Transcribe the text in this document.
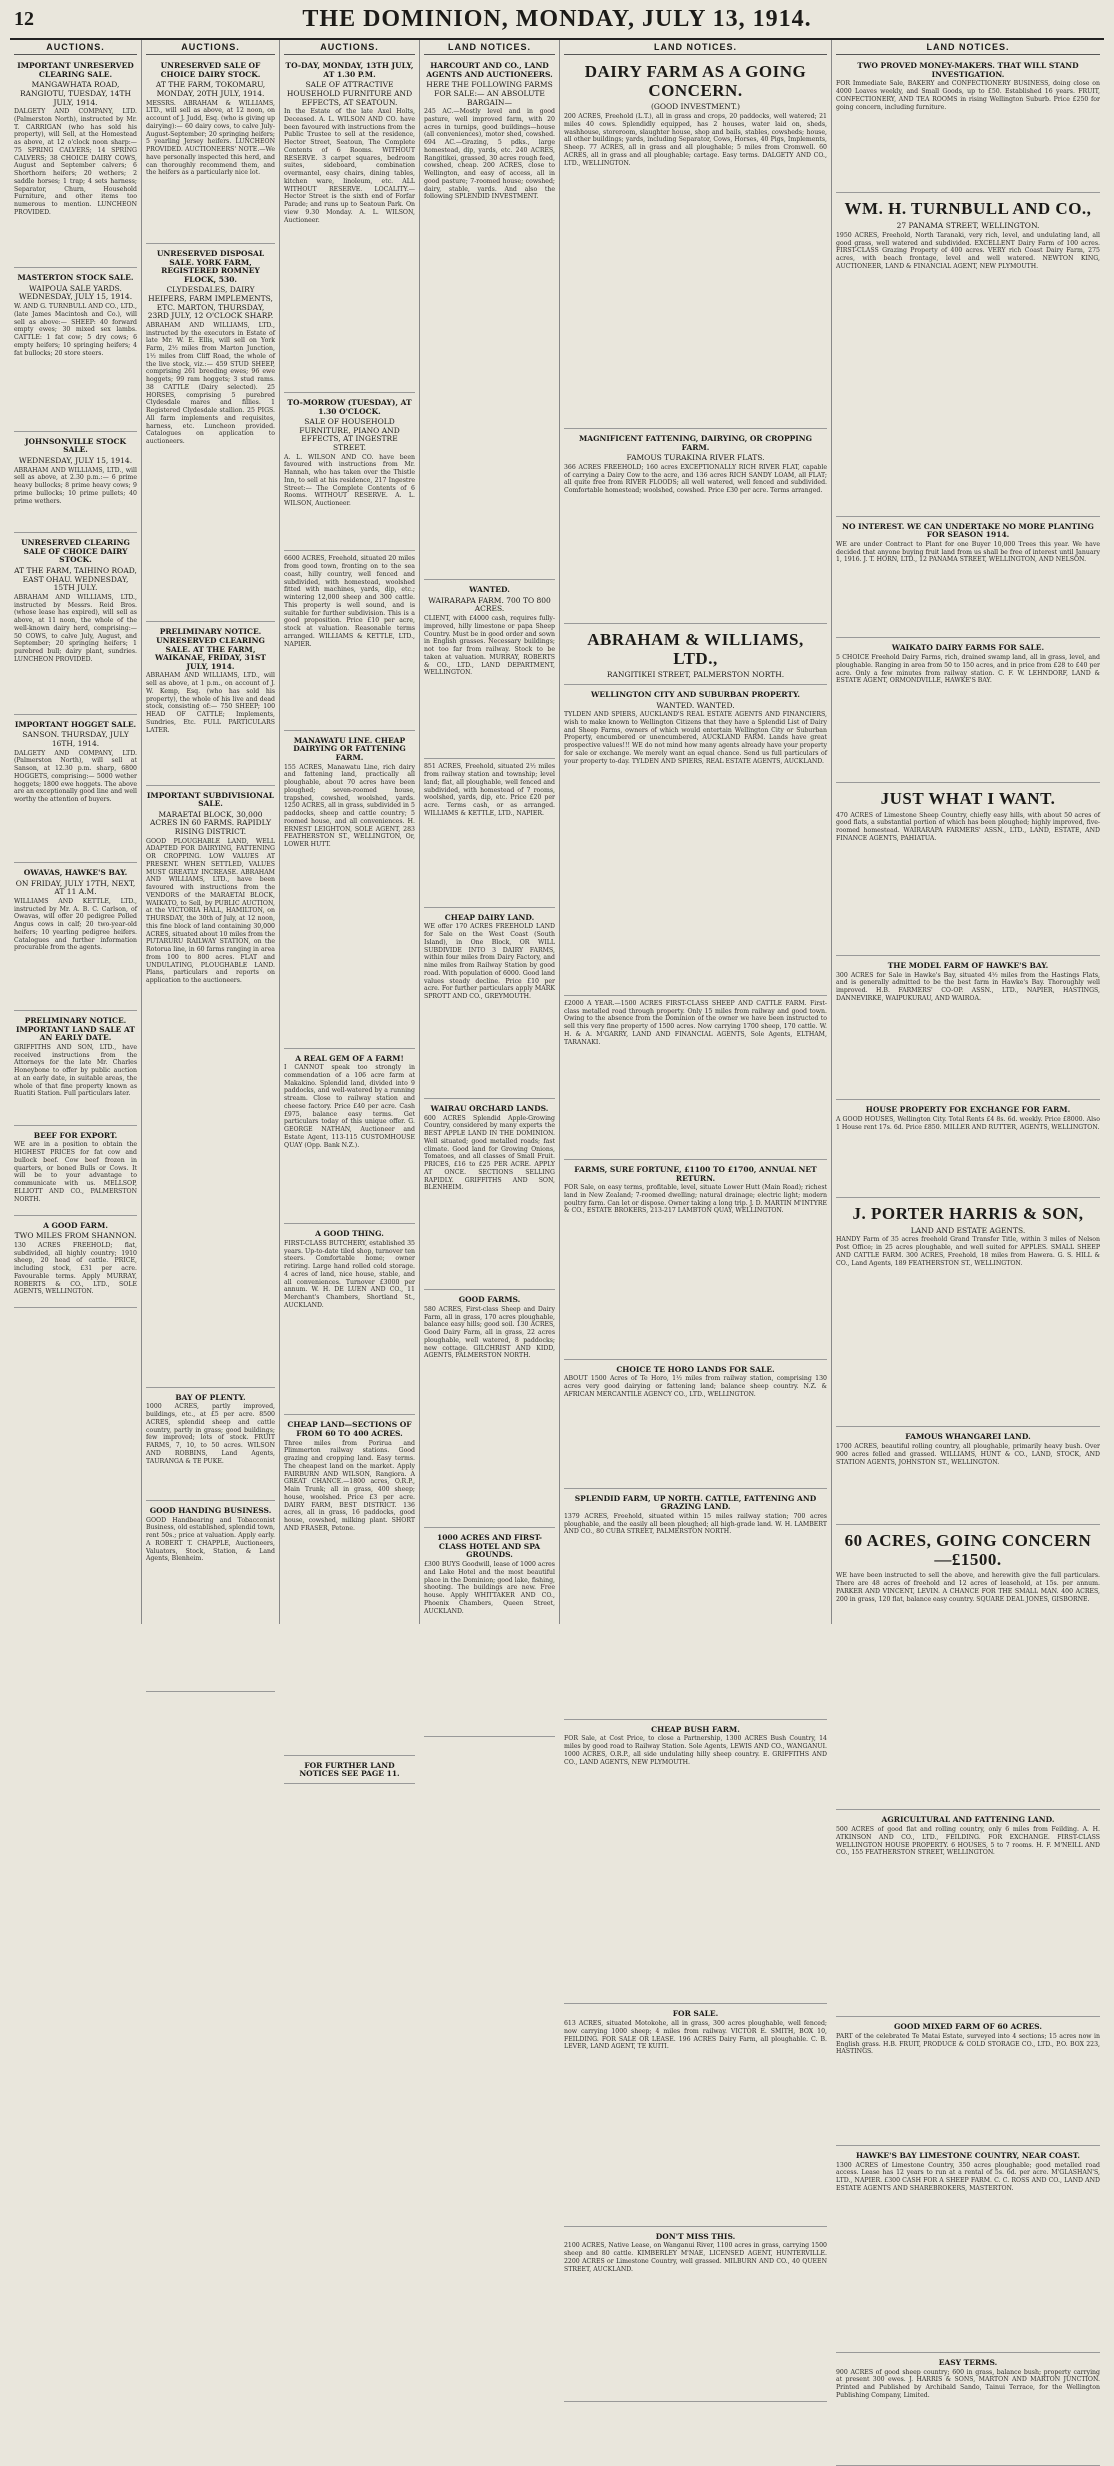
12	THE DOMINION, MONDAY, JULY 13, 1914.
AUCTIONS.
IMPORTANT UNRESERVED CLEARING SALE.
MANGAWHATA ROAD, RANGIOTU, TUESDAY, 14TH JULY, 1914.
DALGETY AND COMPANY, LTD. (Palmerston North), instructed by Mr. T. CARRIGAN (who has sold his property), will Sell, at the Homestead as above, at 12 o'clock noon sharp:— 75 SPRING CALVERS; 14 SPRING CALVERS; 38 CHOICE DAIRY COWS, August and September calvers; 6 Shorthorn heifers; 20 wethers; 2 saddle horses; 1 trap; 4 sets harness; Separator, Churn, Household Furniture, and other items too numerous to mention. LUNCHEON PROVIDED.
MASTERTON STOCK SALE.
WAIPOUA SALE YARDS. WEDNESDAY, JULY 15, 1914.
W. AND G. TURNBULL AND CO., LTD., (late James Macintosh and Co.), will sell as above:— SHEEP: 40 forward empty ewes; 30 mixed sex lambs. CATTLE: 1 fat cow; 5 dry cows; 6 empty heifers; 10 springing heifers; 4 fat bullocks; 20 store steers.
JOHNSONVILLE STOCK SALE.
WEDNESDAY, JULY 15, 1914.
ABRAHAM AND WILLIAMS, LTD., will sell as above, at 2.30 p.m.:— 6 prime heavy bullocks; 8 prime heavy cows; 9 prime bullocks; 10 prime pullets; 40 prime wethers.
UNRESERVED CLEARING SALE OF CHOICE DAIRY STOCK.
AT THE FARM, TAIHINO ROAD, EAST OHAU. WEDNESDAY, 15TH JULY.
ABRAHAM AND WILLIAMS, LTD., instructed by Messrs. Reid Bros. (whose lease has expired), will sell as above, at 11 noon, the whole of the well-known dairy herd, comprising:— 50 COWS, to calve July, August, and September; 20 springing heifers; 1 purebred bull; dairy plant, sundries. LUNCHEON PROVIDED.
IMPORTANT HOGGET SALE.
SANSON. THURSDAY, JULY 16TH, 1914.
DALGETY AND COMPANY, LTD. (Palmerston North), will sell at Sanson, at 12.30 p.m. sharp, 6800 HOGGETS, comprising:— 5000 wether hoggets; 1800 ewe hoggets. The above are an exceptionally good line and well worthy the attention of buyers.
OWAVAS, HAWKE'S BAY.
ON FRIDAY, JULY 17TH, NEXT, AT 11 A.M.
WILLIAMS AND KETTLE, LTD., instructed by Mr. A. B. C. Carlson, of Owavas, will offer 20 pedigree Polled Angus cows in calf; 20 two-year-old heifers; 10 yearling pedigree heifers. Catalogues and further information procurable from the agents.
PRELIMINARY NOTICE. IMPORTANT LAND SALE AT AN EARLY DATE.
GRIFFITHS AND SON, LTD., have received instructions from the Attorneys for the late Mr. Charles Honeybone to offer by public auction at an early date, in suitable areas, the whole of that fine property known as Ruatiti Station. Full particulars later.
BEEF FOR EXPORT.
WE are in a position to obtain the HIGHEST PRICES for fat cow and bullock beef. Cow beef frozen in quarters, or boned Bulls or Cows. It will be to your advantage to communicate with us. MELLSOP, ELLIOTT AND CO., PALMERSTON NORTH.
A GOOD FARM.
TWO MILES FROM SHANNON.
130 ACRES FREEHOLD; flat, subdivided, all highly country; 1910 sheep, 20 head of cattle. PRICE, including stock, £31 per acre. Favourable terms. Apply MURRAY, ROBERTS & CO., LTD., SOLE AGENTS, WELLINGTON.
AUCTIONS.
UNRESERVED SALE OF CHOICE DAIRY STOCK.
AT THE FARM, TOKOMARU, MONDAY, 20TH JULY, 1914.
MESSRS. ABRAHAM & WILLIAMS, LTD., will sell as above, at 12 noon, on account of J. Judd, Esq. (who is giving up dairying):— 60 dairy cows, to calve July-August-September; 20 springing heifers; 5 yearling Jersey heifers. LUNCHEON PROVIDED. AUCTIONEERS' NOTE.—We have personally inspected this herd, and can thoroughly recommend them, and the heifers as a particularly nice lot.
UNRESERVED DISPOSAL SALE. YORK FARM, REGISTERED ROMNEY FLOCK, 530.
CLYDESDALES, DAIRY HEIFERS, FARM IMPLEMENTS, ETC. MARTON, THURSDAY, 23RD JULY, 12 O'CLOCK SHARP.
ABRAHAM AND WILLIAMS, LTD., instructed by the executors in Estate of late Mr. W. E. Ellis, will sell on York Farm, 2½ miles from Marton Junction, 1½ miles from Cliff Road, the whole of the live stock, viz.:— 459 STUD SHEEP, comprising 261 breeding ewes; 96 ewe hoggets; 99 ram hoggets; 3 stud rams. 38 CATTLE (Dairy selected). 25 HORSES, comprising 5 purebred Clydesdale mares and fillies. 1 Registered Clydesdale stallion. 25 PIGS. All farm implements and requisites, harness, etc. Luncheon provided. Catalogues on application to auctioneers.
PRELIMINARY NOTICE. UNRESERVED CLEARING SALE. AT THE FARM, WAIKANAE, FRIDAY, 31ST JULY, 1914.
ABRAHAM AND WILLIAMS, LTD., will sell as above, at 1 p.m., on account of J. W. Kemp, Esq. (who has sold his property), the whole of his live and dead stock, consisting of:— 750 SHEEP; 100 HEAD OF CATTLE; Implements, Sundries, Etc. FULL PARTICULARS LATER.
IMPORTANT SUBDIVISIONAL SALE.
MARAETAI BLOCK, 30,000 ACRES IN 60 FARMS. RAPIDLY RISING DISTRICT.
GOOD PLOUGHABLE LAND, WELL ADAPTED FOR DAIRYING, FATTENING OR CROPPING. LOW VALUES AT PRESENT. WHEN SETTLED, VALUES MUST GREATLY INCREASE. ABRAHAM AND WILLIAMS, LTD., have been favoured with instructions from the VENDORS of the MARAETAI BLOCK, WAIKATO, to Sell, by PUBLIC AUCTION, at the VICTORIA HALL, HAMILTON, on THURSDAY, the 30th of July, at 12 noon, this fine block of land containing 30,000 ACRES, situated about 10 miles from the PUTARURU RAILWAY STATION, on the Rotorua line, in 60 farms ranging in area from 100 to 800 acres. FLAT and UNDULATING, PLOUGHABLE LAND. Plans, particulars and reports on application to the auctioneers.
BAY OF PLENTY.
1000 ACRES, partly improved, buildings, etc., at £5 per acre. 8500 ACRES, splendid sheep and cattle country, partly in grass; good buildings; few improved; lots of stock. FRUIT FARMS, 7, 10, to 50 acres. WILSON AND ROBBINS, Land Agents, TAURANGA & TE PUKE.
GOOD HANDING BUSINESS.
GOOD Handbearing and Tobacconist Business, old established, splendid town, rent 50s.; price at valuation. Apply early. A ROBERT T. CHAPPLE, Auctioneers, Valuators, Stock, Station, & Land Agents, Blenheim.
AUCTIONS.
TO-DAY, MONDAY, 13TH JULY, AT 1.30 P.M.
SALE OF ATTRACTIVE HOUSEHOLD FURNITURE AND EFFECTS, AT SEATOUN.
In the Estate of the late Axel Holts, Deceased. A. L. WILSON AND CO. have been favoured with instructions from the Public Trustee to sell at the residence, Hector Street, Seatoun, The Complete Contents of 6 Rooms. WITHOUT RESERVE. 3 carpet squares, bedroom suites, sideboard, combination overmantel, easy chairs, dining tables, kitchen ware, linoleum, etc. ALL WITHOUT RESERVE. LOCALITY.—Hector Street is the sixth end of Forfar Parade; and runs up to Seatoun Park. On view 9.30 Monday. A. L. WILSON, Auctioneer.
TO-MORROW (TUESDAY), AT 1.30 O'CLOCK.
SALE OF HOUSEHOLD FURNITURE, PIANO AND EFFECTS, AT INGESTRE STREET.
A. L. WILSON AND CO. have been favoured with instructions from Mr. Hannah, who has taken over the Thistle Inn, to sell at his residence, 217 Ingestre Street:— The Complete Contents of 6 Rooms. WITHOUT RESERVE. A. L. WILSON, Auctioneer.
6600 ACRES, Freehold, situated 20 miles from good town, fronting on to the sea coast, hilly country, well fenced and subdivided, with homestead, woolshed fitted with machines, yards, dip, etc.; wintering 12,000 sheep and 300 cattle. This property is well sound, and is suitable for further subdivision. This is a good proposition. Price £10 per acre, stock at valuation. Reasonable terms arranged. WILLIAMS & KETTLE, LTD., NAPIER.
MANAWATU LINE. CHEAP DAIRYING OR FATTENING FARM.
155 ACRES, Manawatu Line, rich dairy and fattening land, practically all ploughable, about 70 acres have been ploughed; seven-roomed house, trapshed, cowshed, woolshed, yards. 1250 ACRES, all in grass, subdivided in 5 paddocks, sheep and cattle country; 5 roomed house, and all conveniences. H. ERNEST LEIGHTON, SOLE AGENT, 283 FEATHERSTON ST., WELLINGTON, Or, LOWER HUTT.
A REAL GEM OF A FARM!
I CANNOT speak too strongly in commendation of a 106 acre farm at Makakino. Splendid land, divided into 9 paddocks, and well-watered by a running stream. Close to railway station and cheese factory. Price £40 per acre. Cash £975, balance easy terms. Get particulars today of this unique offer. G. GEORGE NATHAN, Auctioneer and Estate Agent, 113-115 CUSTOMHOUSE QUAY (Opp. Bank N.Z.).
A GOOD THING.
FIRST-CLASS BUTCHERY, established 35 years. Up-to-date tiled shop, turnover ten steers. Comfortable home; owner retiring. Large hand rolled cold storage. 4 acres of land, nice house, stable, and all conveniences. Turnover £3000 per annum. W. H. DE LUEN AND CO., 11 Merchant's Chambers, Shortland St., AUCKLAND.
CHEAP LAND—SECTIONS OF FROM 60 TO 400 ACRES.
Three miles from Porirua and Plimmerton railway stations. Good grazing and cropping land. Easy terms. The cheapest land on the market. Apply FAIRBURN AND WILSON, Rangiora. A GREAT CHANCE.—1800 acres, O.R.P., Main Trunk; all in grass, 400 sheep; house, woolshed. Price £3 per acre. DAIRY FARM, BEST DISTRICT. 136 acres, all in grass, 16 paddocks, good house, cowshed, milking plant. SHORT AND FRASER, Petone.
FOR FURTHER LAND NOTICES SEE PAGE 11.
LAND NOTICES.
HARCOURT AND CO., LAND AGENTS AND AUCTIONEERS.
HERE THE FOLLOWING FARMS FOR SALE:— AN ABSOLUTE BARGAIN—
245 AC.—Mostly level and in good pasture, well improved farm, with 20 acres in turnips, good buildings—house (all conveniences), motor shed, cowshed. 694 AC.—Grazing, 5 pdks., large homestead, dip, yards, etc. 240 ACRES, Rangitikei, grassed, 30 acres rough feed, cowshed, cheap. 200 ACRES, close to Wellington, and easy of access, all in good pasture; 7-roomed house; cowshed; dairy, stable, yards. And also the following SPLENDID INVESTMENT.
WANTED.
WAIRARAPA FARM. 700 TO 800 ACRES.
CLIENT, with £4000 cash, requires fully-improved, hilly limestone or papa Sheep Country. Must be in good order and sown in English grasses. Necessary buildings; not too far from railway. Stock to be taken at valuation. MURRAY, ROBERTS & CO., LTD., LAND DEPARTMENT, WELLINGTON.
851 ACRES, Freehold, situated 2½ miles from railway station and township; level land; flat, all ploughable, well fenced and subdivided, with homestead of 7 rooms, woolshed, yards, dip, etc. Price £20 per acre. Terms cash, or as arranged. WILLIAMS & KETTLE, LTD., NAPIER.
CHEAP DAIRY LAND.
WE offer 170 ACRES FREEHOLD LAND for Sale on the West Coast (South Island), in One Block, OR WILL SUBDIVIDE INTO 3 DAIRY FARMS, within four miles from Dairy Factory, and nine miles from Railway Station by good road. With population of 6000. Good land values steady decline. Price £10 per acre. For further particulars apply MARK SPROTT AND CO., GREYMOUTH.
WAIRAU ORCHARD LANDS.
600 ACRES Splendid Apple-Growing Country, considered by many experts the BEST APPLE LAND IN THE DOMINION. Well situated; good metalled roads; fast climate. Good land for Growing Onions, Tomatoes, and all classes of Small Fruit. PRICES, £16 to £25 PER ACRE. APPLY AT ONCE. SECTIONS SELLING RAPIDLY. GRIFFITHS AND SON, BLENHEIM.
GOOD FARMS.
580 ACRES, First-class Sheep and Dairy Farm, all in grass, 170 acres ploughable, balance easy hills; good soil. 130 ACRES, Good Dairy Farm, all in grass, 22 acres ploughable, well watered, 8 paddocks; new cottage. GILCHRIST AND KIDD, AGENTS, PALMERSTON NORTH.
1000 ACRES AND FIRST-CLASS HOTEL AND SPA GROUNDS.
£300 BUYS Goodwill, lease of 1000 acres and Lake Hotel and the most beautiful place in the Dominion; good lake, fishing, shooting. The buildings are new. Free house. Apply WHITTAKER AND CO., Phoenix Chambers, Queen Street, AUCKLAND.
LAND NOTICES.
DAIRY FARM AS A GOING CONCERN.
(GOOD INVESTMENT.)
200 ACRES, Freehold (L.T.), all in grass and crops, 20 paddocks, well watered; 21 miles 40 cows. Splendidly equipped, has 2 houses, water laid on, sheds, washhouse, storeroom, slaughter house, shop and bails, stables, cowsheds; house, all other buildings; yards, including Separator, Cows, Horses, 40 Pigs, Implements, Sheep. 77 ACRES, all in grass and all ploughable; 5 miles from Cromwell. 60 ACRES, all in grass and all ploughable; cartage. Easy terms. DALGETY AND CO., LTD., WELLINGTON.
MAGNIFICENT FATTENING, DAIRYING, OR CROPPING FARM.
FAMOUS TURAKINA RIVER FLATS.
366 ACRES FREEHOLD; 160 acres EXCEPTIONALLY RICH RIVER FLAT, capable of carrying a Dairy Cow to the acre, and 136 acres RICH SANDY LOAM, all FLAT; all quite free from RIVER FLOODS; all well watered, well fenced and subdivided. Comfortable homestead; woolshed, cowshed. Price £30 per acre. Terms arranged.
ABRAHAM & WILLIAMS, LTD.,
RANGITIKEI STREET, PALMERSTON NORTH.
WELLINGTON CITY AND SUBURBAN PROPERTY.
WANTED. WANTED.
TYLDEN AND SPIERS, AUCKLAND'S REAL ESTATE AGENTS AND FINANCIERS, wish to make known to Wellington Citizens that they have a Splendid List of Dairy and Sheep Farms, owners of which would entertain Wellington City or Suburban Property, encumbered or unencumbered, AUCKLAND FARM. Lands have great prospective values!!! WE do not mind how many agents already have your property for sale or exchange. We merely want an equal chance. Send us full particulars of your property to-day. TYLDEN AND SPIERS, REAL ESTATE AGENTS, AUCKLAND.
£2000 A YEAR.—1500 ACRES FIRST-CLASS SHEEP AND CATTLE FARM. First-class metalled road through property. Only 15 miles from railway and good town. Owing to the absence from the Dominion of the owner we have been instructed to sell this very fine property of 1500 acres. Now carrying 1700 sheep, 170 cattle. W. H. & A. M'GARRY, LAND AND FINANCIAL AGENTS, Sole Agents, ELTHAM, TARANAKI.
FARMS, SURE FORTUNE, £1100 TO £1700, ANNUAL NET RETURN.
FOR Sale, on easy terms, profitable, level, situate Lower Hutt (Main Road); richest land in New Zealand; 7-roomed dwelling; natural drainage; electric light; modern poultry farm. Can let or dispose. Owner taking a long trip. J. D. MARTIN M'INTYRE & CO., ESTATE BROKERS, 213-217 LAMBTON QUAY, WELLINGTON.
CHOICE TE HORO LANDS FOR SALE.
ABOUT 1500 Acres of Te Horo, 1½ miles from railway station, comprising 130 acres very good dairying or fattening land; balance sheep country. N.Z. & AFRICAN MERCANTILE AGENCY CO., LTD., WELLINGTON.
SPLENDID FARM, UP NORTH. CATTLE, FATTENING AND GRAZING LAND.
1379 ACRES, Freehold, situated within 15 miles railway station; 700 acres ploughable, and the easily all been ploughed; all high-grade land. W. H. LAMBERT AND CO., 80 CUBA STREET, PALMERSTON NORTH.
CHEAP BUSH FARM.
FOR Sale, at Cost Price, to close a Partnership, 1300 ACRES Bush Country, 14 miles by good road to Railway Station. Sole Agents, LEWIS AND CO., WANGANUI. 1000 ACRES, O.R.P., all side undulating hilly sheep country. E. GRIFFITHS AND CO., LAND AGENTS, NEW PLYMOUTH.
FOR SALE.
613 ACRES, situated Motokohe, all in grass, 300 acres ploughable, well fenced; now carrying 1000 sheep; 4 miles from railway. VICTOR E. SMITH, BOX 10, FEILDING. FOR SALE OR LEASE. 196 ACRES Dairy Farm, all ploughable. C. B. LEVER, LAND AGENT, TE KUITI.
DON'T MISS THIS.
2100 ACRES, Native Lease, on Wanganui River, 1100 acres in grass, carrying 1500 sheep and 80 cattle. KIMBERLEY M'NAE, LICENSED AGENT, HUNTERVILLE. 2200 ACRES or Limestone Country, well grassed. MILBURN AND CO., 40 QUEEN STREET, AUCKLAND.
LAND NOTICES.
TWO PROVED MONEY-MAKERS. THAT WILL STAND INVESTIGATION.
FOR Immediate Sale, BAKERY and CONFECTIONERY BUSINESS, doing close on 4000 Loaves weekly, and Small Goods, up to £50. Established 16 years. FRUIT, CONFECTIONERY, AND TEA ROOMS in rising Wellington Suburb. Price £250 for going concern, including furniture.
WM. H. TURNBULL AND CO.,
27 PANAMA STREET, WELLINGTON.
1950 ACRES, Freehold, North Taranaki, very rich, level, and undulating land, all good grass, well watered and subdivided. EXCELLENT Dairy Farm of 100 acres. FIRST-CLASS Grazing Property of 400 acres. VERY rich Coast Dairy Farm, 275 acres, with beach frontage, level and well watered. NEWTON KING, AUCTIONEER, LAND & FINANCIAL AGENT, NEW PLYMOUTH.
NO INTEREST. WE CAN UNDERTAKE NO MORE PLANTING FOR SEASON 1914.
WE are under Contract to Plant for one Buyer 10,000 Trees this year. We have decided that anyone buying fruit land from us shall be free of interest until January 1, 1916. J. T. HORN, LTD., 12 PANAMA STREET, WELLINGTON, AND NELSON.
WAIKATO DAIRY FARMS FOR SALE.
5 CHOICE Freehold Dairy Farms, rich, drained swamp land, all in grass, level, and ploughable. Ranging in area from 50 to 150 acres, and in price from £28 to £40 per acre. Only a few minutes from railway station. C. F. W. LEHNDORF, LAND & ESTATE AGENT, ORMONDVILLE, HAWKE'S BAY.
JUST WHAT I WANT.
470 ACRES of Limestone Sheep Country, chiefly easy hills, with about 50 acres of good flats, a substantial portion of which has been ploughed; highly improved, five-roomed homestead. WAIRARAPA FARMERS' ASSN., LTD., LAND, ESTATE, AND FINANCE AGENTS, PAHIATUA.
THE MODEL FARM OF HAWKE'S BAY.
300 ACRES for Sale in Hawke's Bay, situated 4½ miles from the Hastings Flats, and is generally admitted to be the best farm in Hawke's Bay. Thoroughly well improved. H.B. FARMERS' CO-OP. ASSN., LTD., NAPIER, HASTINGS, DANNEVIRKE, WAIPUKURAU, AND WAIROA.
HOUSE PROPERTY FOR EXCHANGE FOR FARM.
A GOOD HOUSES, Wellington City. Total Rents £4 8s. 6d. weekly. Price £8000. Also 1 House rent 17s. 6d. Price £850. MILLER AND RUTTER, AGENTS, WELLINGTON.
J. PORTER HARRIS & SON,
LAND AND ESTATE AGENTS.
HANDY Farm of 35 acres freehold Grand Transfer Title, within 3 miles of Nelson Post Office; in 25 acres ploughable, and well suited for APPLES. SMALL SHEEP AND CATTLE FARM. 300 ACRES, Freehold, 18 miles from Hawera. G. S. HILL & CO., Land Agents, 189 FEATHERSTON ST., WELLINGTON.
FAMOUS WHANGAREI LAND.
1700 ACRES, beautiful rolling country, all ploughable, primarily heavy bush. Over 900 acres felled and grassed. WILLIAMS, HUNT & CO., LAND, STOCK, AND STATION AGENTS, JOHNSTON ST., WELLINGTON.
60 ACRES, GOING CONCERN—£1500.
WE have been instructed to sell the above, and herewith give the full particulars. There are 48 acres of freehold and 12 acres of leasehold, at 15s. per annum. PARKER AND VINCENT, LEVIN. A CHANCE FOR THE SMALL MAN. 400 ACRES, 200 in grass, 120 flat, balance easy country. SQUARE DEAL JONES, GISBORNE.
AGRICULTURAL AND FATTENING LAND.
500 ACRES of good flat and rolling country, only 6 miles from Feilding. A. H. ATKINSON AND CO., LTD., FEILDING. FOR EXCHANGE. FIRST-CLASS WELLINGTON HOUSE PROPERTY. 6 HOUSES, 5 to 7 rooms. H. F. M'NEILL AND CO., 155 FEATHERSTON STREET, WELLINGTON.
GOOD MIXED FARM OF 60 ACRES.
PART of the celebrated Te Matai Estate, surveyed into 4 sections; 15 acres now in English grass. H.B. FRUIT, PRODUCE & COLD STORAGE CO., LTD., P.O. BOX 223, HASTINGS.
HAWKE'S BAY LIMESTONE COUNTRY, NEAR COAST.
1300 ACRES of Limestone Country, 350 acres ploughable; good metalled road access. Lease has 12 years to run at a rental of 5s. 6d. per acre. M'GLASHAN'S, LTD., NAPIER. £300 CASH FOR A SHEEP FARM. C. C. ROSS AND CO., LAND AND ESTATE AGENTS AND SHAREBROKERS, MASTERTON.
EASY TERMS.
900 ACRES of good sheep country; 600 in grass, balance bush; property carrying at present 300 ewes. J. HARRIS & SONS, MARTON AND MARTON JUNCTION. Printed and Published by Archibald Sando, Tainui Terrace, for the Wellington Publishing Company, Limited.
